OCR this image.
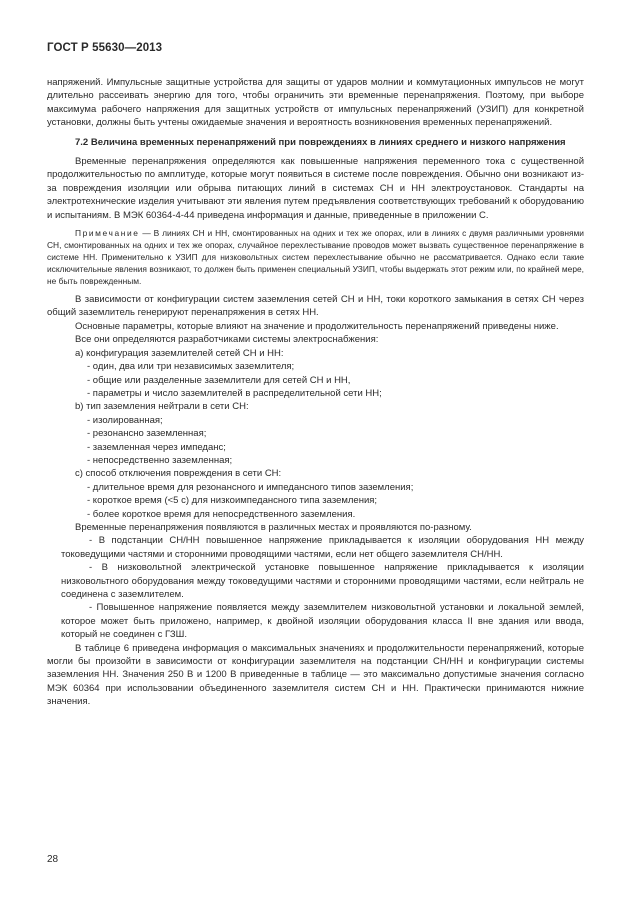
ГОСТ Р 55630—2013

напряжений. Импульсные защитные устройства для защиты от ударов молнии и коммутационных импульсов не могут длительно рассеивать энергию для того, чтобы ограничить эти временные перенапряжения. Поэтому, при выборе максимума рабочего напряжения для защитных устройств от импульсных перенапряжений (УЗИП) для конкретной установки, должны быть учтены ожидаемые значения и вероятность возникновения временных перенапряжений.

7.2 Величина временных перенапряжений при повреждениях в линиях среднего и низкого напряжения

Временные перенапряжения определяются как повышенные напряжения переменного тока с существенной продолжительностью по амплитуде, которые могут появиться в системе после повреждения. Обычно они возникают из-за повреждения изоляции или обрыва питающих линий в системах СН и НН электроустановок. Стандарты на электротехнические изделия учитывают эти явления путем предъявления соответствующих требований к оборудованию и испытаниям. В МЭК 60364-4-44 приведена информация и данные, приведенные в приложении С.

Примечание — В линиях СН и НН, смонтированных на одних и тех же опорах, или в линиях с двумя различными уровнями СН, смонтированных на одних и тех же опорах, случайное перехлестывание проводов может вызвать существенное перенапряжение в системе НН. Применительно к УЗИП для низковольтных систем перехлестывание обычно не рассматривается. Однако если такие исключительные явления возникают, то должен быть применен специальный УЗИП, чтобы выдержать этот режим или, по крайней мере, не быть поврежденным.

В зависимости от конфигурации систем заземления сетей СН и НН, токи короткого замыкания в сетях СН через общий заземлитель генерируют перенапряжения в сетях НН.

Основные параметры, которые влияют на значение и продолжительность перенапряжений приведены ниже.

Все они определяются разработчиками системы электроснабжения:

а) конфигурация заземлителей сетей СН и НН:

- один, два или три независимых заземлителя;

- общие или разделенные заземлители для сетей СН и НН,

- параметры и число заземлителей в распределительной сети НН;

b) тип заземления нейтрали в сети СН:

- изолированная;

- резонансно заземленная;

- заземленная через импеданс;

- непосредственно заземленная;

c) способ отключения повреждения в сети СН:

- длительное время для резонансного и импедансного типов заземления;

- короткое время (<5 с) для низкоимпедансного типа заземления;

- более короткое время для непосредственного заземления.

Временные перенапряжения появляются в различных местах и проявляются по-разному.

- В подстанции СН/НН повышенное напряжение прикладывается к изоляции оборудования НН между токоведущими частями и сторонними проводящими частями, если нет общего заземлителя СН/НН.

- В низковольтной электрической установке повышенное напряжение прикладывается к изоляции низковольтного оборудования между токоведущими частями и сторонними проводящими частями, если нейтраль не соединена с заземлителем.

- Повышенное напряжение появляется между заземлителем низковольтной установки и локальной землей, которое может быть приложено, например, к двойной изоляции оборудования класса II вне здания или ввода, который не соединен с ГЗШ.

В таблице 6 приведена информация о максимальных значениях и продолжительности перенапряжений, которые могли бы произойти в зависимости от конфигурации заземлителя на подстанции СН/НН и конфигурации системы заземления НН. Значения 250 В и 1200 В приведенные в таблице — это максимально допустимые значения согласно МЭК 60364 при использовании объединенного заземлителя систем СН и НН. Практически принимаются нижние значения.

28
